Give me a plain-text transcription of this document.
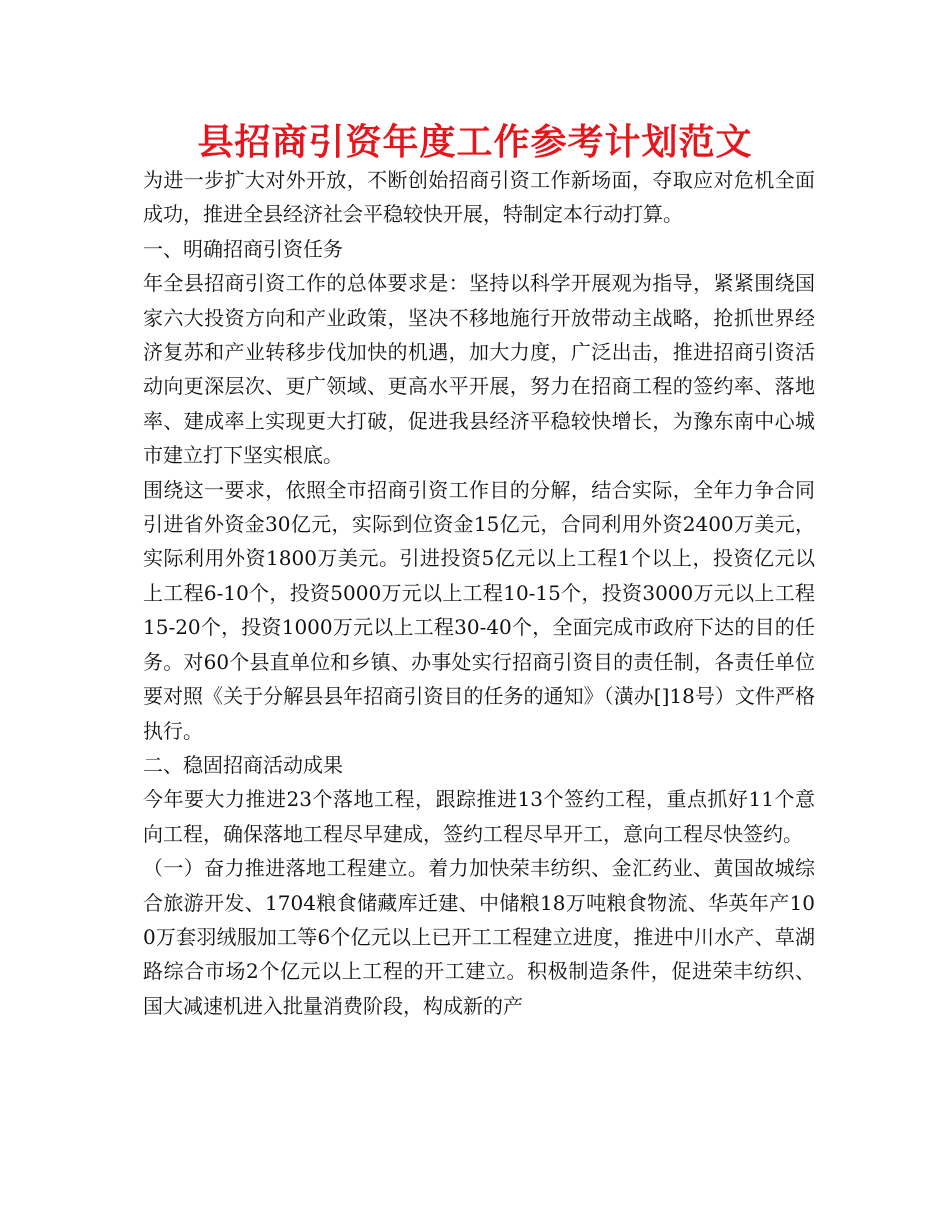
县招商引资年度工作参考计划范文

为进一步扩大对外开放，不断创始招商引资工作新场面，夺取应对危机全面成功，推进全县经济社会平稳较快开展，特制定本行动打算。

一、明确招商引资任务

年全县招商引资工作的总体要求是：坚持以科学开展观为指导，紧紧围绕国家六大投资方向和产业政策，坚决不移地施行开放带动主战略，抢抓世界经济复苏和产业转移步伐加快的机遇，加大力度，广泛出击，推进招商引资活动向更深层次、更广领域、更高水平开展，努力在招商工程的签约率、落地率、建成率上实现更大打破，促进我县经济平稳较快增长，为豫东南中心城市建立打下坚实根底。

围绕这一要求，依照全市招商引资工作目的分解，结合实际，全年力争合同引进省外资金30亿元，实际到位资金15亿元，合同利用外资2400万美元，实际利用外资1800万美元。引进投资5亿元以上工程1个以上，投资亿元以上工程6-10个，投资5000万元以上工程10-15个，投资3000万元以上工程15-20个，投资1000万元以上工程30-40个，全面完成市政府下达的目的任务。对60个县直单位和乡镇、办事处实行招商引资目的责任制，各责任单位要对照《关于分解县县年招商引资目的任务的通知》（潢办[]18号）文件严格执行。

二、稳固招商活动成果

今年要大力推进23个落地工程，跟踪推进13个签约工程，重点抓好11个意向工程，确保落地工程尽早建成，签约工程尽早开工，意向工程尽快签约。

（一）奋力推进落地工程建立。着力加快荣丰纺织、金汇药业、黄国故城综合旅游开发、1704粮食储藏库迁建、中储粮18万吨粮食物流、华英年产100万套羽绒服加工等6个亿元以上已开工工程建立进度，推进中川水产、草湖路综合市场2个亿元以上工程的开工建立。积极制造条件，促进荣丰纺织、国大减速机进入批量消费阶段，构成新的产
